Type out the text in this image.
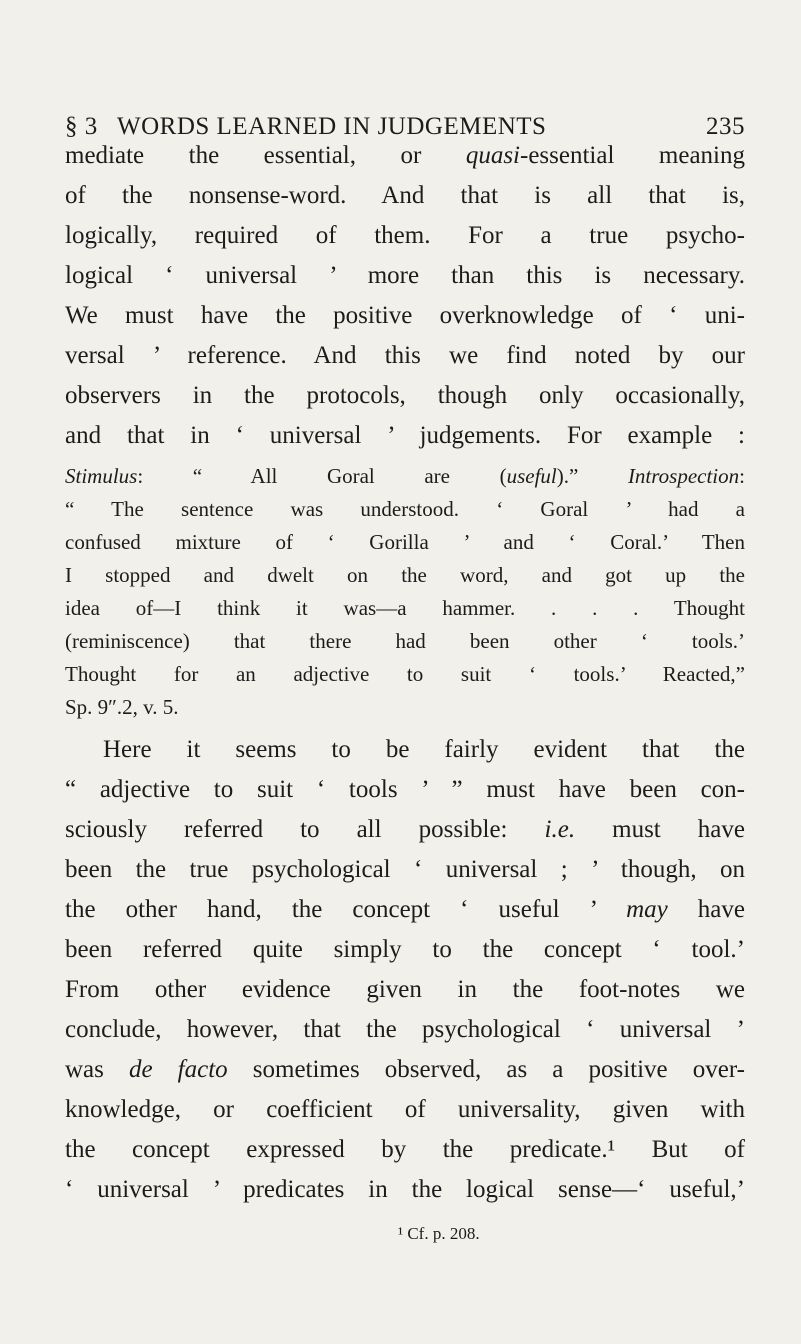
§ 3 WORDS LEARNED IN JUDGEMENTS	235
mediate the essential, or quasi-essential meaning
of the nonsense-word. And that is all that is,
logically, required of them. For a true psycho-
logical ‘ universal ’ more than this is necessary.
We must have the positive overknowledge of ‘ uni-
versal ’ reference. And this we find noted by our
observers in the protocols, though only occasionally,
and that in ‘ universal ’ judgements. For example :
Stimulus: “ All Goral are (useful).” Introspection:
“ The sentence was understood. ‘ Goral ’ had a
confused mixture of ‘ Gorilla ’ and ‘ Coral.’ Then
I stopped and dwelt on the word, and got up the
idea of—I think it was—a hammer. . . . Thought
(reminiscence) that there had been other ‘ tools.’
Thought for an adjective to suit ‘ tools.’ Reacted,”
Sp. 9″.2, v. 5.
Here it seems to be fairly evident that the
“ adjective to suit ‘ tools ’ ” must have been con-
sciously referred to all possible: i.e. must have
been the true psychological ‘ universal ; ’ though, on
the other hand, the concept ‘ useful ’ may have
been referred quite simply to the concept ‘ tool.’
From other evidence given in the foot-notes we
conclude, however, that the psychological ‘ universal ’
was de facto sometimes observed, as a positive over-
knowledge, or coefficient of universality, given with
the concept expressed by the predicate.¹ But of
‘ universal ’ predicates in the logical sense—‘ useful,’
¹ Cf. p. 208.
